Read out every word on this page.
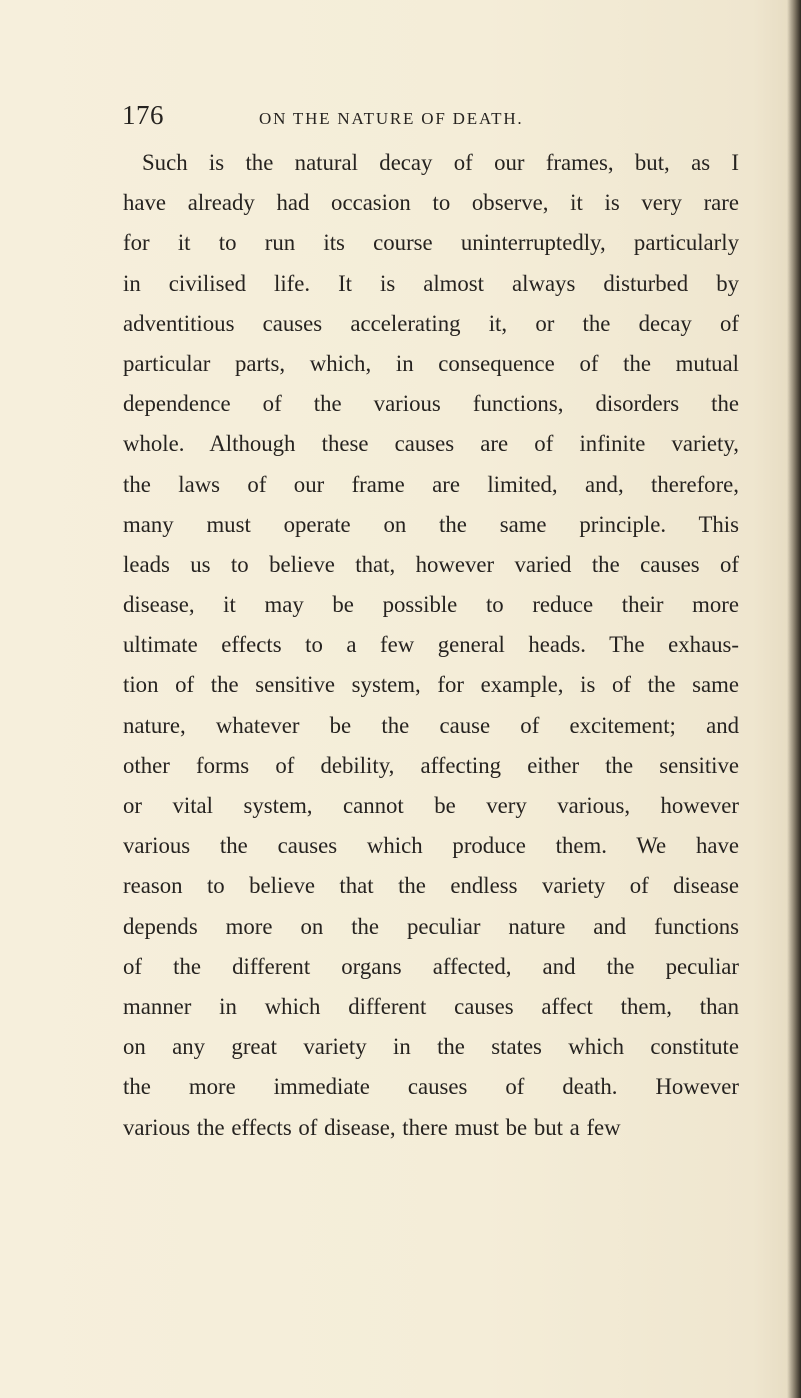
176	ON THE NATURE OF DEATH.
Such is the natural decay of our frames, but, as I
have already had occasion to observe, it is very rare
for it to run its course uninterruptedly, particularly
in civilised life. It is almost always disturbed by
adventitious causes accelerating it, or the decay of
particular parts, which, in consequence of the mutual
dependence of the various functions, disorders the
whole. Although these causes are of infinite variety,
the laws of our frame are limited, and, therefore,
many must operate on the same principle. This
leads us to believe that, however varied the causes of
disease, it may be possible to reduce their more
ultimate effects to a few general heads. The exhaus-
tion of the sensitive system, for example, is of the same
nature, whatever be the cause of excitement; and
other forms of debility, affecting either the sensitive
or vital system, cannot be very various, however
various the causes which produce them. We have
reason to believe that the endless variety of disease
depends more on the peculiar nature and functions
of the different organs affected, and the peculiar
manner in which different causes affect them, than
on any great variety in the states which constitute
the more immediate causes of death. However
various the effects of disease, there must be but a few
